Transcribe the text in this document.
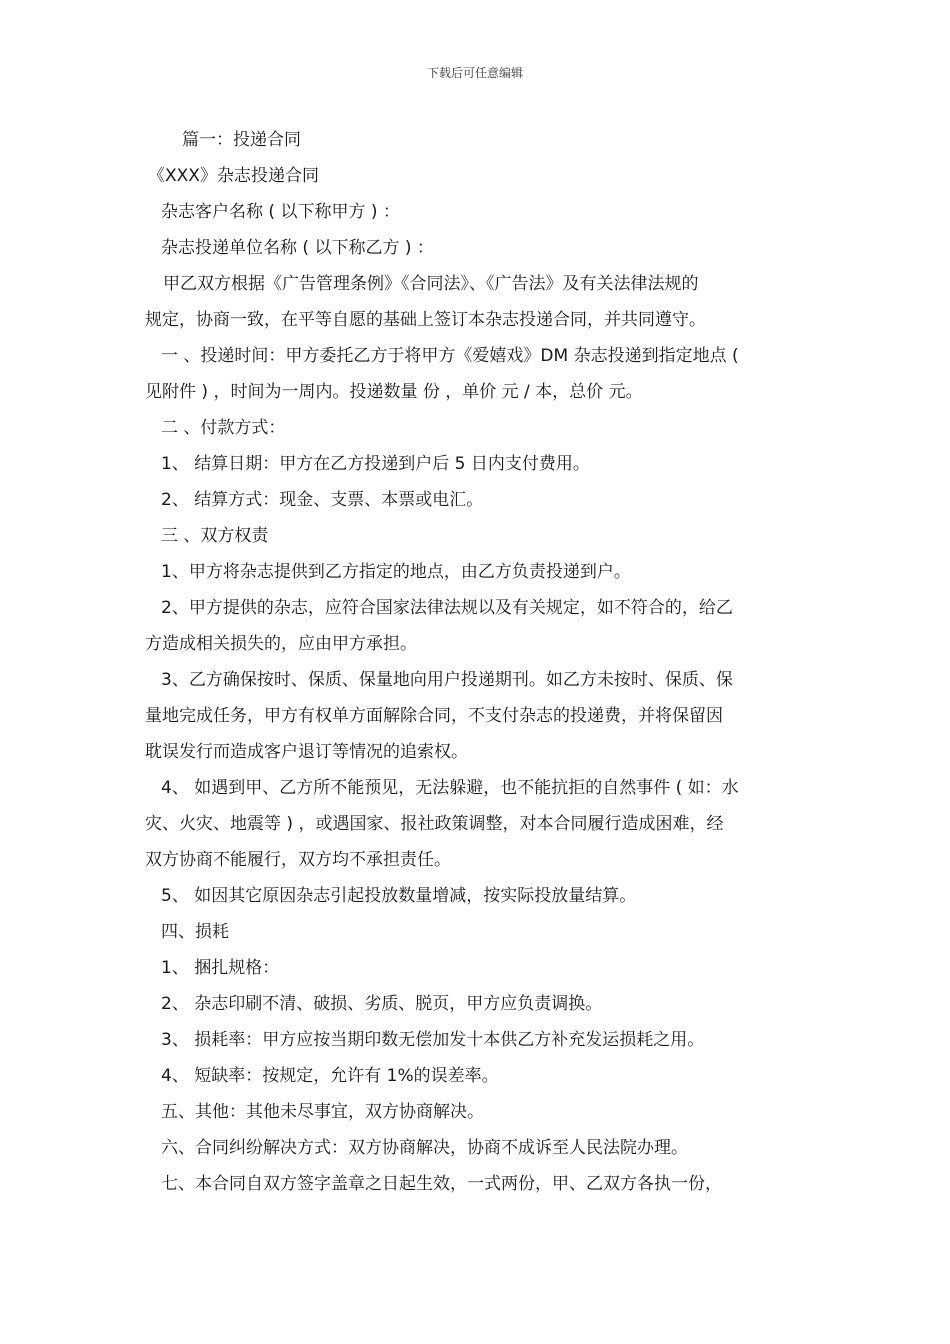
下载后可任意编辑
篇一：投递合同
《XXX》杂志投递合同
杂志客户名称 ( 以下称甲方 ) ：
杂志投递单位名称 ( 以下称乙方 ) ：
甲乙双方根据《广告管理条例》《合同法》、《广告法》及有关法律法规的
规定，协商一致，在平等自愿的基础上签订本杂志投递合同，并共同遵守。
一 、投递时间：甲方委托乙方于将甲方《爱嬉戏》DM 杂志投递到指定地点 (
见附件 ) ，时间为一周内。投递数量 份 ，单价 元 / 本，总价 元。
二 、付款方式：
1、 结算日期：甲方在乙方投递到户后 5 日内支付费用。
2、 结算方式：现金、支票、本票或电汇。
三 、双方权责
1、甲方将杂志提供到乙方指定的地点，由乙方负责投递到户。
2、甲方提供的杂志，应符合国家法律法规以及有关规定，如不符合的，给乙
方造成相关损失的，应由甲方承担。
3、乙方确保按时、保质、保量地向用户投递期刊。如乙方未按时、保质、保
量地完成任务，甲方有权单方面解除合同，不支付杂志的投递费，并将保留因
耽误发行而造成客户退订等情况的追索权。
4、 如遇到甲、乙方所不能预见，无法躲避，也不能抗拒的自然事件 ( 如：水
灾、火灾、地震等 ) ，或遇国家、报社政策调整，对本合同履行造成困难，经
双方协商不能履行，双方均不承担责任。
5、 如因其它原因杂志引起投放数量增减，按实际投放量结算。
四、损耗
1、 捆扎规格：
2、 杂志印刷不清、破损、劣质、脱页，甲方应负责调换。
3、 损耗率：甲方应按当期印数无偿加发十本供乙方补充发运损耗之用。
4、 短缺率：按规定，允许有 1%的误差率。
五、其他：其他未尽事宜，双方协商解决。
六、合同纠纷解决方式：双方协商解决，协商不成诉至人民法院办理。
七、本合同自双方签字盖章之日起生效，一式两份，甲、乙双方各执一份，
